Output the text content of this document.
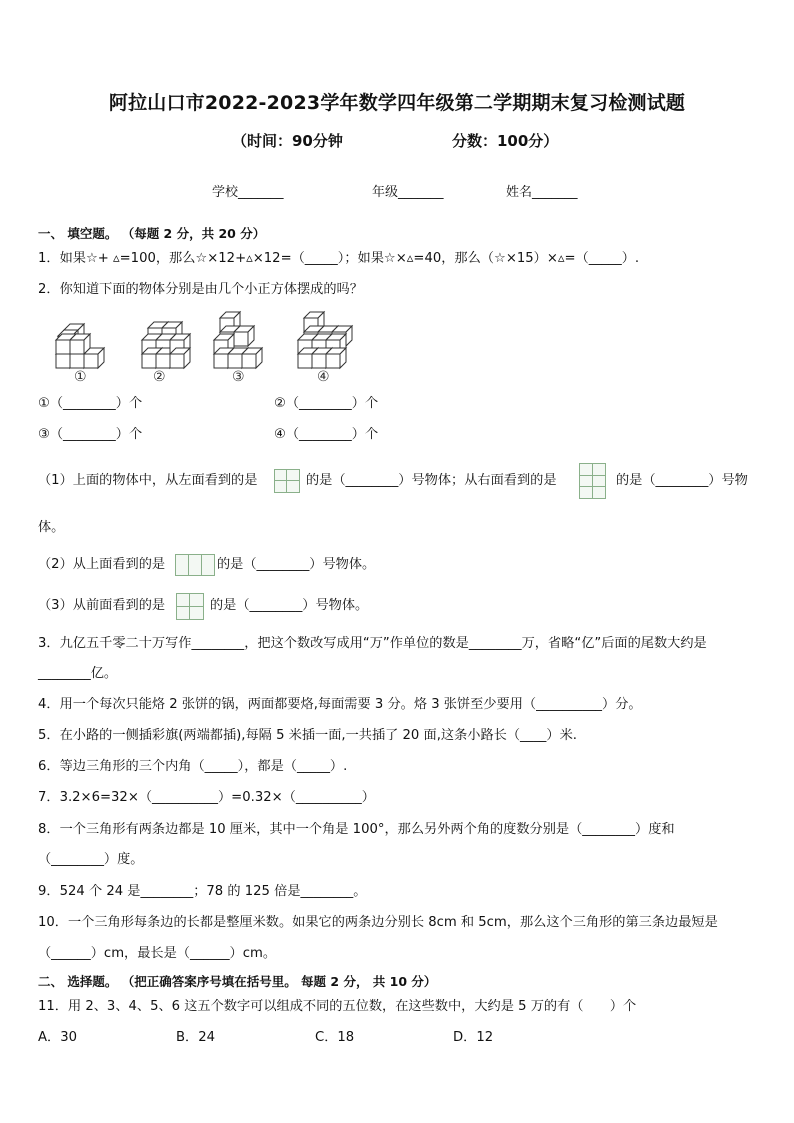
阿拉山口市2022-2023学年数学四年级第二学期期末复习检测试题
（时间：90分钟	分数：100分）
学校_______	年级_______	姓名_______
一、 填空题。 （每题 2 分，共 20 分）
1．如果☆+ ▵=100，那么☆×12+▵×12=（_____）；如果☆×▵=40，那么（☆×15）×▵=（_____）.
2．你知道下面的物体分别是由几个小正方体摆成的吗？
①	②	③	④
①（________）个	②（________）个
③（________）个	④（________）个
（1）上面的物体中，从左面看到的是	的是（________）号物体；从右面看到的是	的是（________）号物
体。
（2）从上面看到的是	的是（________）号物体。
（3）从前面看到的是	的是（________）号物体。
3．九亿五千零二十万写作________，把这个数改写成用“万”作单位的数是________万，省略“亿”后面的尾数大约是
________亿。
4．用一个每次只能烙 2 张饼的锅，两面都要烙,每面需要 3 分。烙 3 张饼至少要用（__________）分。
5．在小路的一侧插彩旗(两端都插),每隔 5 米插一面,一共插了 20 面,这条小路长（____）米.
6．等边三角形的三个内角（_____），都是（_____）.
7．3.2×6=32×（__________）=0.32×（__________）
8．一个三角形有两条边都是 10 厘米，其中一个角是 100°，那么另外两个角的度数分别是（________）度和
（________）度。
9．524 个 24 是________；78 的 125 倍是________。
10．一个三角形每条边的长都是整厘米数。如果它的两条边分别长 8cm 和 5cm，那么这个三角形的第三条边最短是
（______）cm，最长是（______）cm。
二、 选择题。 （把正确答案序号填在括号里。 每题 2 分， 共 10 分）
11．用 2、3、4、5、6 这五个数字可以组成不同的五位数，在这些数中，大约是 5 万的有（　　）个
A．30	B．24	C．18	D．12
